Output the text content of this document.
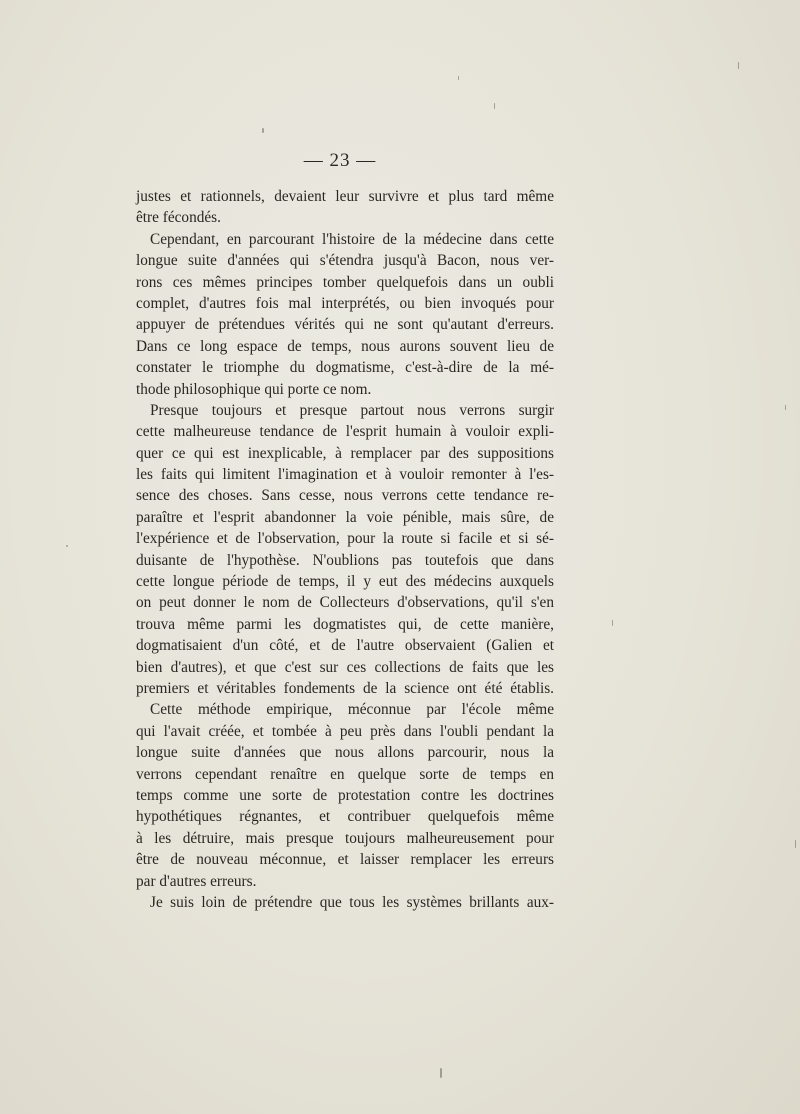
— 23 —
justes et rationnels, devaient leur survivre et plus tard même
être fécondés.
Cependant, en parcourant l'histoire de la médecine dans cette
longue suite d'années qui s'étendra jusqu'à Bacon, nous ver-
rons ces mêmes principes tomber quelquefois dans un oubli
complet, d'autres fois mal interprétés, ou bien invoqués pour
appuyer de prétendues vérités qui ne sont qu'autant d'erreurs.
Dans ce long espace de temps, nous aurons souvent lieu de
constater le triomphe du dogmatisme, c'est-à-dire de la mé-
thode philosophique qui porte ce nom.
Presque toujours et presque partout nous verrons surgir
cette malheureuse tendance de l'esprit humain à vouloir expli-
quer ce qui est inexplicable, à remplacer par des suppositions
les faits qui limitent l'imagination et à vouloir remonter à l'es-
sence des choses. Sans cesse, nous verrons cette tendance re-
paraître et l'esprit abandonner la voie pénible, mais sûre, de
l'expérience et de l'observation, pour la route si facile et si sé-
duisante de l'hypothèse. N'oublions pas toutefois que dans
cette longue période de temps, il y eut des médecins auxquels
on peut donner le nom de Collecteurs d'observations, qu'il s'en
trouva même parmi les dogmatistes qui, de cette manière,
dogmatisaient d'un côté, et de l'autre observaient (Galien et
bien d'autres), et que c'est sur ces collections de faits que les
premiers et véritables fondements de la science ont été établis.
Cette méthode empirique, méconnue par l'école même
qui l'avait créée, et tombée à peu près dans l'oubli pendant la
longue suite d'années que nous allons parcourir, nous la
verrons cependant renaître en quelque sorte de temps en
temps comme une sorte de protestation contre les doctrines
hypothétiques régnantes, et contribuer quelquefois même
à les détruire, mais presque toujours malheureusement pour
être de nouveau méconnue, et laisser remplacer les erreurs
par d'autres erreurs.
Je suis loin de prétendre que tous les systèmes brillants aux-
